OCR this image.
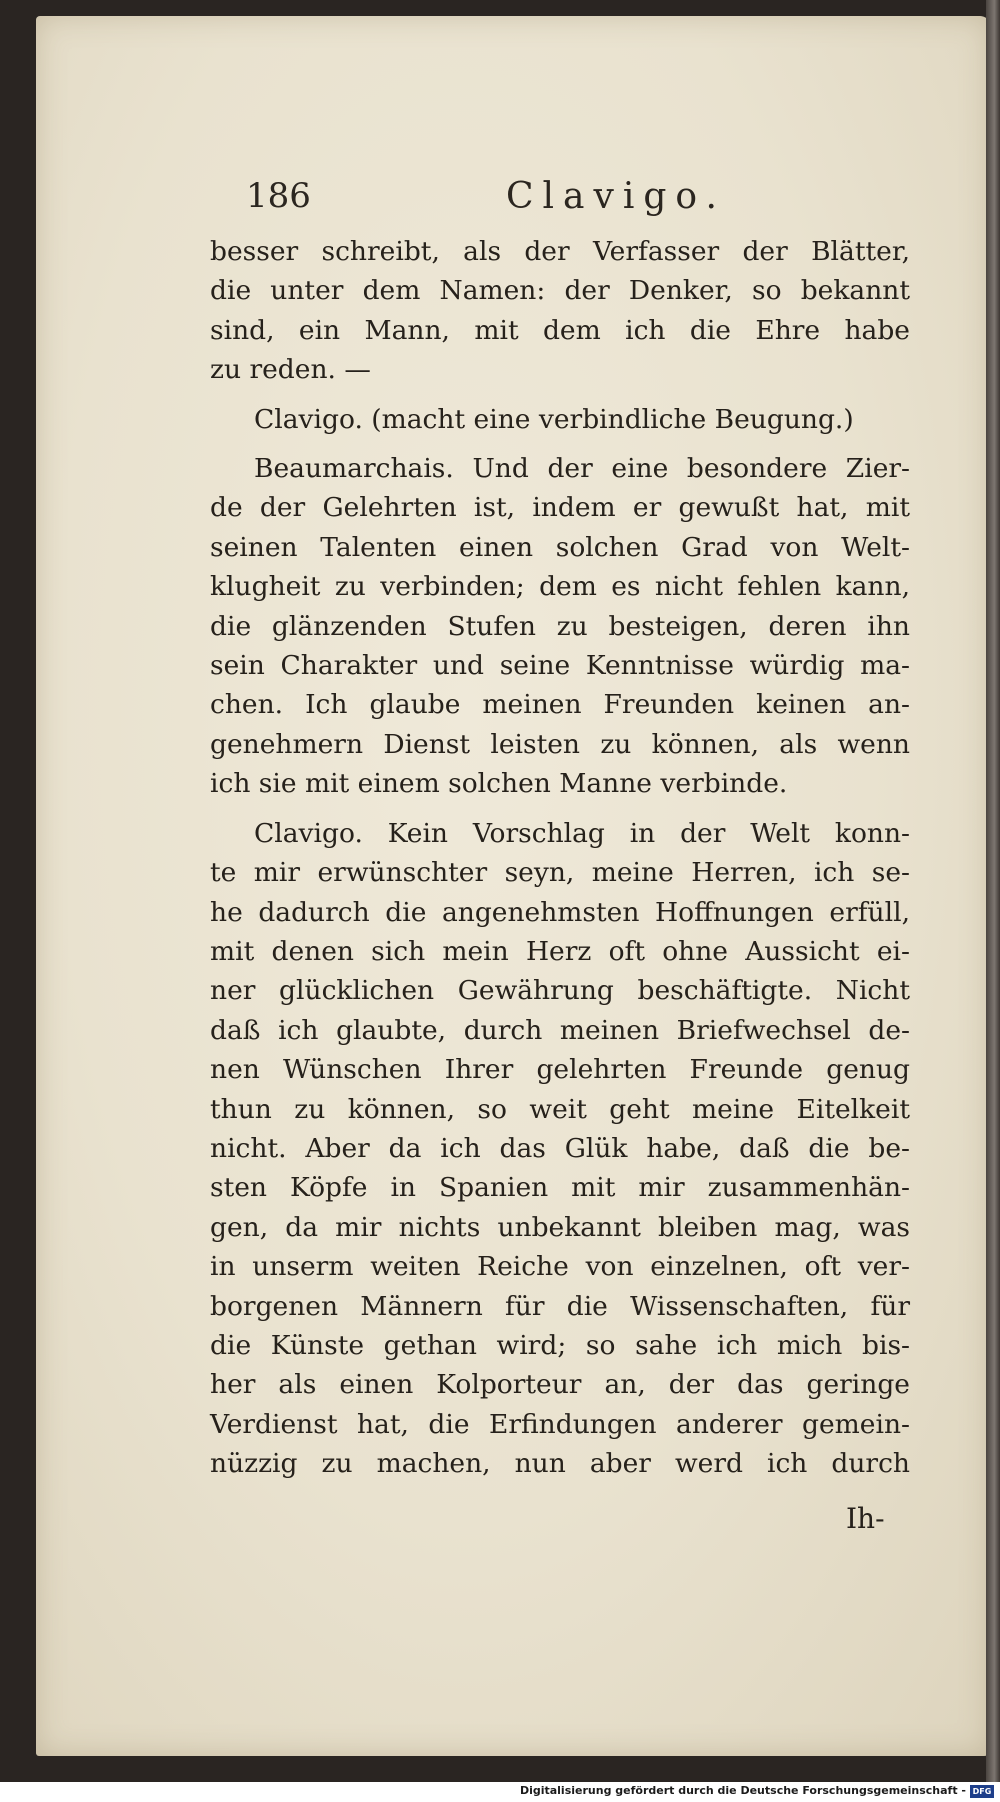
186	Clavigo.
besser schreibt, als der Verfasser der Blätter,
die unter dem Namen: der Denker, so bekannt
sind, ein Mann, mit dem ich die Ehre habe
zu reden. —
Clavigo. (macht eine verbindliche Beugung.)
Beaumarchais. Und der eine besondere Zier-
de der Gelehrten ist, indem er gewußt hat, mit
seinen Talenten einen solchen Grad von Welt-
klugheit zu verbinden; dem es nicht fehlen kann,
die glänzenden Stufen zu besteigen, deren ihn
sein Charakter und seine Kenntnisse würdig ma-
chen. Ich glaube meinen Freunden keinen an-
genehmern Dienst leisten zu können, als wenn
ich sie mit einem solchen Manne verbinde.
Clavigo. Kein Vorschlag in der Welt konn-
te mir erwünschter seyn, meine Herren, ich se-
he dadurch die angenehmsten Hoffnungen erfüll,
mit denen sich mein Herz oft ohne Aussicht ei-
ner glücklichen Gewährung beschäftigte. Nicht
daß ich glaubte, durch meinen Briefwechsel de-
nen Wünschen Ihrer gelehrten Freunde genug
thun zu können, so weit geht meine Eitelkeit
nicht. Aber da ich das Glük habe, daß die be-
sten Köpfe in Spanien mit mir zusammenhän-
gen, da mir nichts unbekannt bleiben mag, was
in unserm weiten Reiche von einzelnen, oft ver-
borgenen Männern für die Wissenschaften, für
die Künste gethan wird; so sahe ich mich bis-
her als einen Kolporteur an, der das geringe
Verdienst hat, die Erfindungen anderer gemein-
nüzzig zu machen, nun aber werd ich durch
Ih-
Digitalisierung gefördert durch die Deutsche Forschungsgemeinschaft - DFG
